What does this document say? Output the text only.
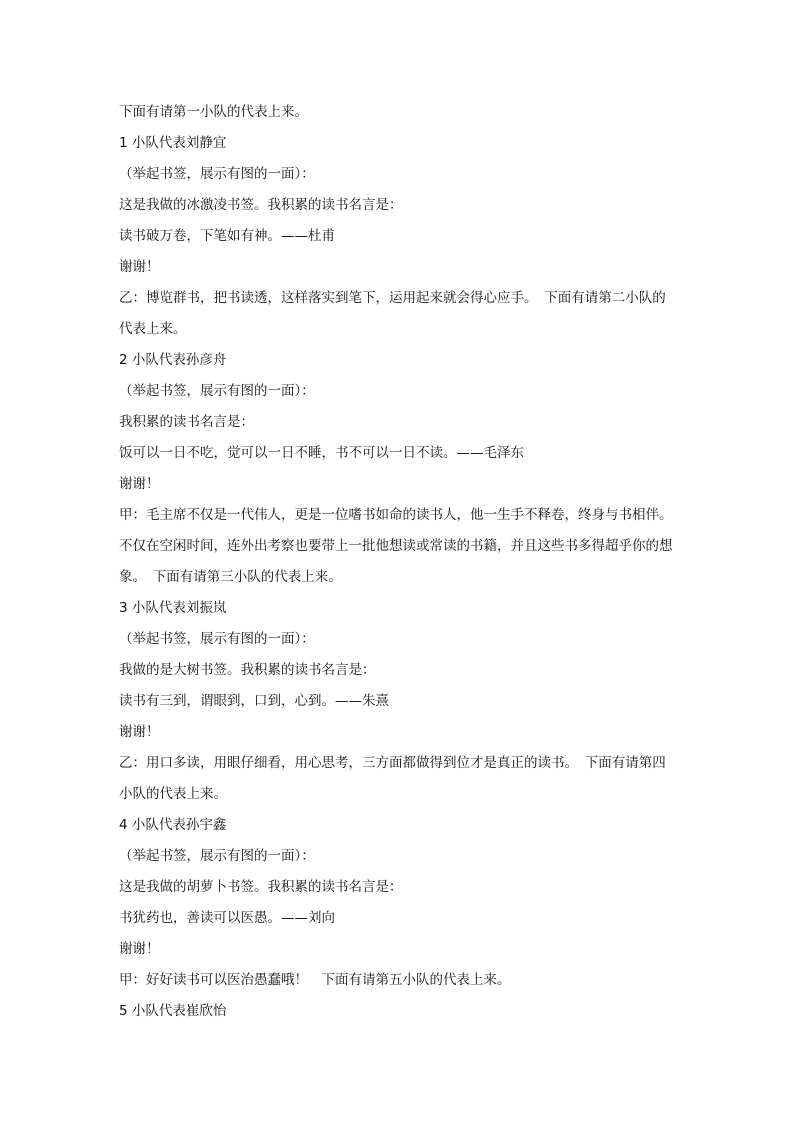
下面有请第一小队的代表上来。
1 小队代表刘静宜
（举起书签，展示有图的一面）：
这是我做的冰激凌书签。我积累的读书名言是：
读书破万卷，下笔如有神。——杜甫
谢谢！
乙：博览群书，把书读透，这样落实到笔下，运用起来就会得心应手。　下面有请第二小队的代表上来。
2 小队代表孙彦舟
（举起书签，展示有图的一面）：
我积累的读书名言是：
饭可以一日不吃，觉可以一日不睡，书不可以一日不读。——毛泽东
谢谢！
甲：毛主席不仅是一代伟人，更是一位嗜书如命的读书人，他一生手不释卷，终身与书相伴。不仅在空闲时间，连外出考察也要带上一批他想读或常读的书籍，并且这些书多得超乎你的想象。　下面有请第三小队的代表上来。
3 小队代表刘振岚
（举起书签，展示有图的一面）：
我做的是大树书签。我积累的读书名言是：
读书有三到，谓眼到，口到，心到。——朱熹
谢谢！
乙：用口多读，用眼仔细看，用心思考，三方面都做得到位才是真正的读书。　下面有请第四小队的代表上来。
4 小队代表孙宇鑫
（举起书签，展示有图的一面）：
这是我做的胡萝卜书签。我积累的读书名言是：
书犹药也，善读可以医愚。——刘向
谢谢！
甲：好好读书可以医治愚蠢哦！　下面有请第五小队的代表上来。
5 小队代表崔欣怡
